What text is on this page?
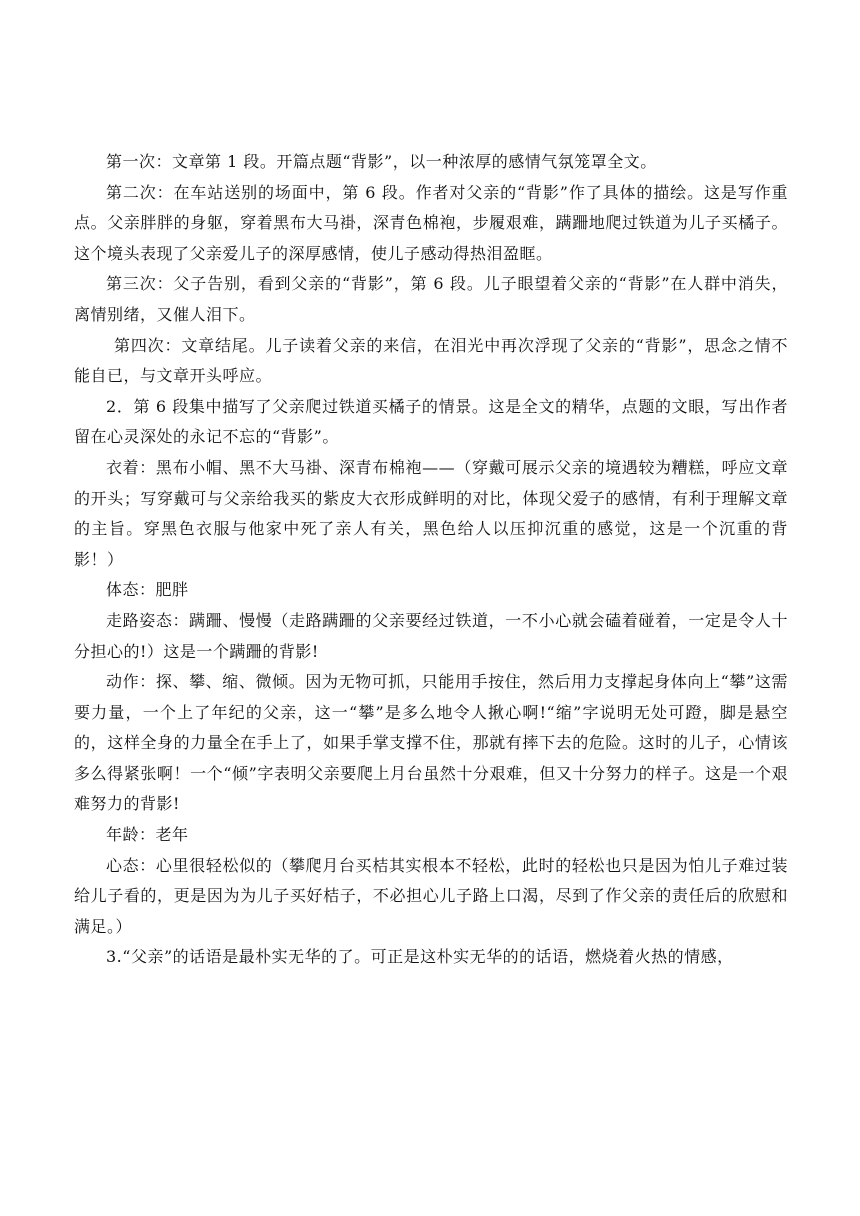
第一次：文章第 1 段。开篇点题“背影”，以一种浓厚的感情气氛笼罩全文。

第二次：在车站送别的场面中，第 6 段。作者对父亲的“背影”作了具体的描绘。这是写作重点。父亲胖胖的身躯，穿着黑布大马褂，深青色棉袍，步履艰难，蹒跚地爬过铁道为儿子买橘子。这个境头表现了父亲爱儿子的深厚感情，使儿子感动得热泪盈眶。

第三次：父子告别，看到父亲的“背影”，第 6 段。儿子眼望着父亲的“背影”在人群中消失，离情别绪，又催人泪下。

第四次：文章结尾。儿子读着父亲的来信，在泪光中再次浮现了父亲的“背影”，思念之情不能自已，与文章开头呼应。

2．第 6 段集中描写了父亲爬过铁道买橘子的情景。这是全文的精华，点题的文眼，写出作者留在心灵深处的永记不忘的“背影”。

衣着：黑布小帽、黑不大马褂、深青布棉袍——（穿戴可展示父亲的境遇较为糟糕，呼应文章的开头；写穿戴可与父亲给我买的紫皮大衣形成鲜明的对比，体现父爱子的感情，有利于理解文章的主旨。穿黑色衣服与他家中死了亲人有关，黑色给人以压抑沉重的感觉，这是一个沉重的背影！）

体态：肥胖

走路姿态：蹒跚、慢慢（走路蹒跚的父亲要经过铁道，一不小心就会磕着碰着，一定是令人十分担心的!）这是一个蹒跚的背影!

动作：探、攀、缩、微倾。因为无物可抓，只能用手按住，然后用力支撑起身体向上“攀”这需要力量，一个上了年纪的父亲，这一“攀”是多么地令人揪心啊!“缩”字说明无处可蹬，脚是悬空的，这样全身的力量全在手上了，如果手掌支撑不住，那就有摔下去的危险。这时的儿子，心情该多么得紧张啊！一个“倾”字表明父亲要爬上月台虽然十分艰难，但又十分努力的样子。这是一个艰难努力的背影!

年龄：老年

心态：心里很轻松似的（攀爬月台买桔其实根本不轻松，此时的轻松也只是因为怕儿子难过装给儿子看的，更是因为为儿子买好桔子，不必担心儿子路上口渴，尽到了作父亲的责任后的欣慰和满足。）

3.“父亲”的话语是最朴实无华的了。可正是这朴实无华的的话语，燃烧着火热的情感，
